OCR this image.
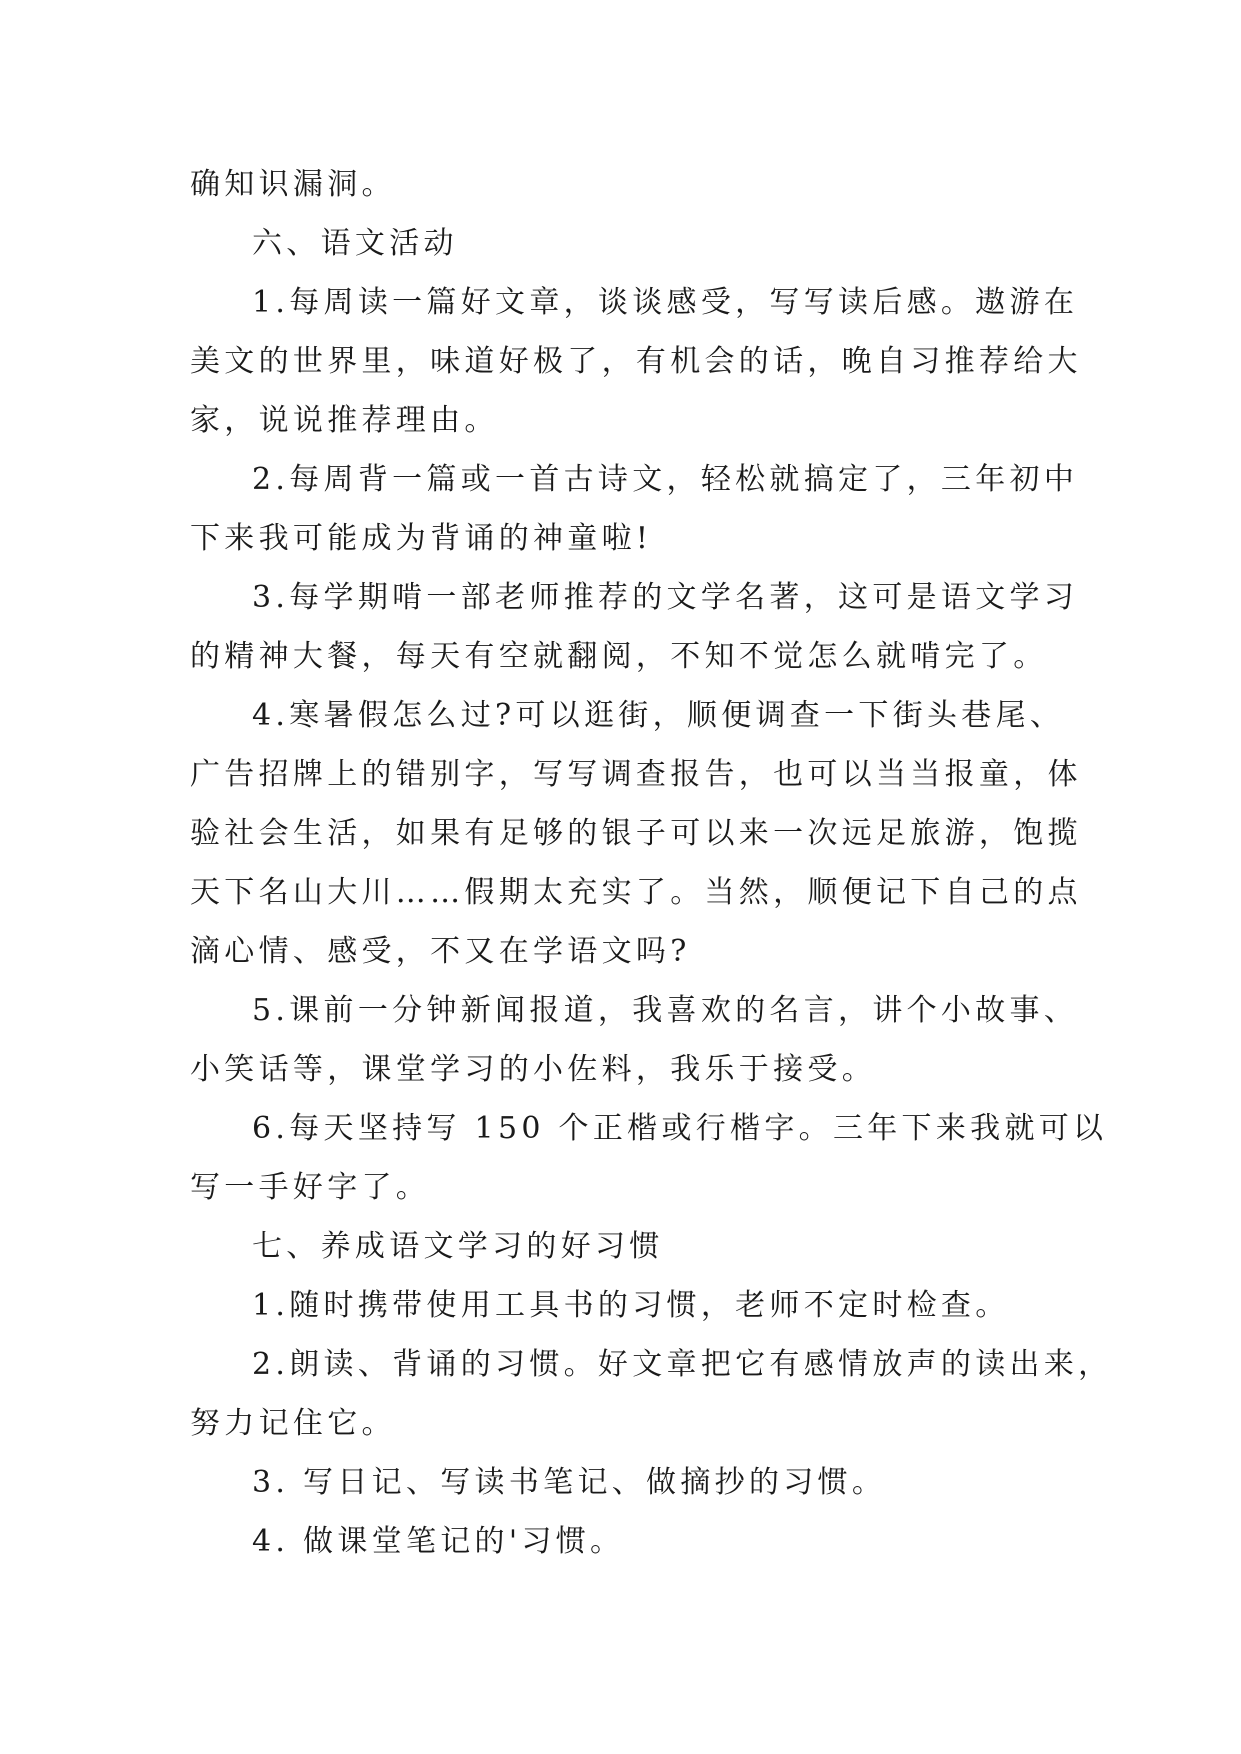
确知识漏洞。
六、语文活动
1.每周读一篇好文章，谈谈感受，写写读后感。遨游在
美文的世界里，味道好极了，有机会的话，晚自习推荐给大
家，说说推荐理由。
2.每周背一篇或一首古诗文，轻松就搞定了，三年初中
下来我可能成为背诵的神童啦!
3.每学期啃一部老师推荐的文学名著，这可是语文学习
的精神大餐，每天有空就翻阅，不知不觉怎么就啃完了。
4.寒暑假怎么过?可以逛街，顺便调查一下街头巷尾、
广告招牌上的错别字，写写调查报告，也可以当当报童，体
验社会生活，如果有足够的银子可以来一次远足旅游，饱揽
天下名山大川……假期太充实了。当然，顺便记下自己的点
滴心情、感受，不又在学语文吗?
5.课前一分钟新闻报道，我喜欢的名言，讲个小故事、
小笑话等，课堂学习的小佐料，我乐于接受。
6.每天坚持写 150 个正楷或行楷字。三年下来我就可以
写一手好字了。
七、养成语文学习的好习惯
1.随时携带使用工具书的习惯，老师不定时检查。
2.朗读、背诵的习惯。好文章把它有感情放声的读出来，
努力记住它。
3. 写日记、写读书笔记、做摘抄的习惯。
4. 做课堂笔记的'习惯。
